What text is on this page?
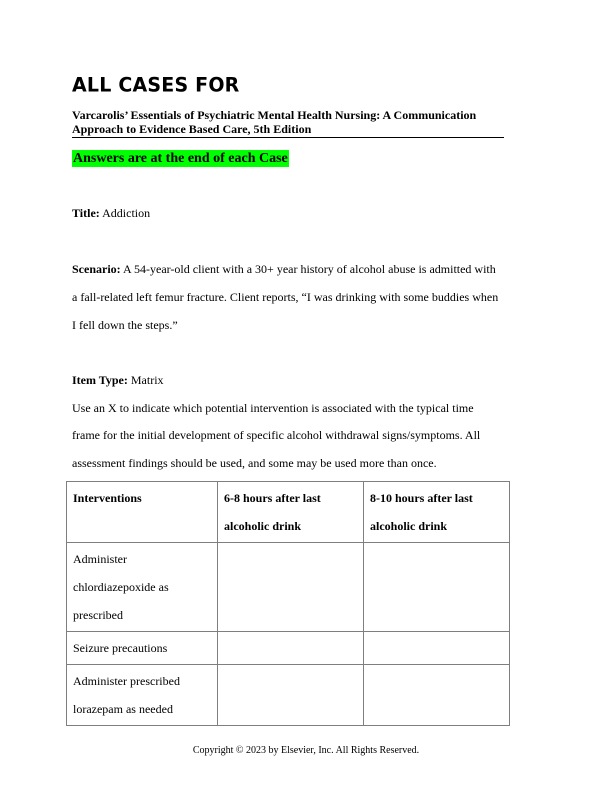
ALL CASES FOR
Varcarolis’ Essentials of Psychiatric Mental Health Nursing: A Communication Approach to Evidence Based Care, 5th Edition
Answers are at the end of each Case
Title: Addiction
Scenario: A 54-year-old client with a 30+ year history of alcohol abuse is admitted with
a fall-related left femur fracture. Client reports, “I was drinking with some buddies when
I fell down the steps.”
Item Type: Matrix
Use an X to indicate which potential intervention is associated with the typical time
frame for the initial development of specific alcohol withdrawal signs/symptoms. All
assessment findings should be used, and some may be used more than once.
Interventions	6-8 hours after last alcoholic drink	8-10 hours after last alcoholic drink
Administer chlordiazepoxide as prescribed		
Seizure precautions		
Administer prescribed lorazepam as needed		
Copyright © 2023 by Elsevier, Inc. All Rights Reserved.
